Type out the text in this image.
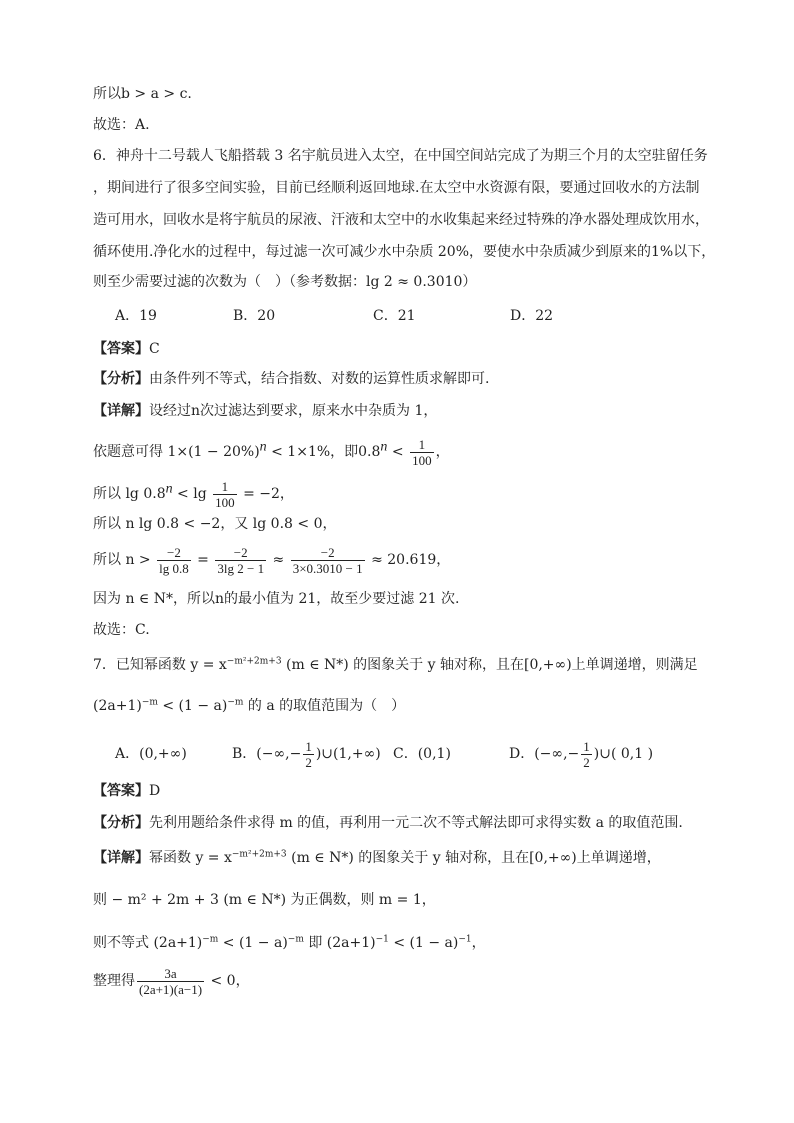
所以b > a > c.
故选：A.
6．神舟十二号载人飞船搭载 3 名宇航员进入太空，在中国空间站完成了为期三个月的太空驻留任务
，期间进行了很多空间实验，目前已经顺利返回地球.在太空中水资源有限，要通过回收水的方法制
造可用水，回收水是将宇航员的尿液、汗液和太空中的水收集起来经过特殊的净水器处理成饮用水，
循环使用.净化水的过程中，每过滤一次可减少水中杂质 20%，要使水中杂质减少到原来的1%以下，
则至少需要过滤的次数为（　）（参考数据：lg 2 ≈ 0.3010）
A．19	B．20	C．21	D．22
【答案】C
【分析】由条件列不等式，结合指数、对数的运算性质求解即可.
【详解】设经过n次过滤达到要求，原来水中杂质为 1，
依题意可得 $1\times(1 - 20\%)^n < 1\times 1\%$，即$0.8^n < \frac{1}{100}$ ，
所以 $\lg 0.8^n < \lg \frac{1}{100} = -2$，
所以 n lg 0.8 < −2，又 lg 0.8 < 0，
所以 $n > \frac{-2}{\lg 0.8} = \frac{-2}{3\lg 2 - 1} \approx \frac{-2}{3\times 0.3010 - 1} \approx 20.619$，
因为 n ∈ N*，所以n的最小值为 21，故至少要过滤 21 次.
故选：C.
7．已知幂函数 $y = x^{-m^2+2m+3}$ (m ∈ N*) 的图象关于 y 轴对称，且在[0,+∞)上单调递增，则满足
$(2a+1)^{-m} < (1 - a)^{-m}$ 的 a 的取值范围为（　）
A．(0,+∞)	B．(−∞,− $\frac{1}{2}$ )∪(1,+∞) C．(0,1)	D．(−∞,− $\frac{1}{2}$ )∪( 0,1 )
【答案】D
【分析】先利用题给条件求得 m 的值，再利用一元二次不等式解法即可求得实数 a 的取值范围.
【详解】幂函数 $y = x^{-m^2+2m+3}$ (m ∈ N*) 的图象关于 y 轴对称，且在[0,+∞)上单调递增，
则 − m² + 2m + 3 (m ∈ N*) 为正偶数，则 m = 1，
则不等式 $(2a+1)^{-m} < (1 - a)^{-m}$ 即 $(2a+1)^{-1} < (1 - a)^{-1}$，
整理得 $\frac{3a}{(2a+1)(a-1)} < 0$，
